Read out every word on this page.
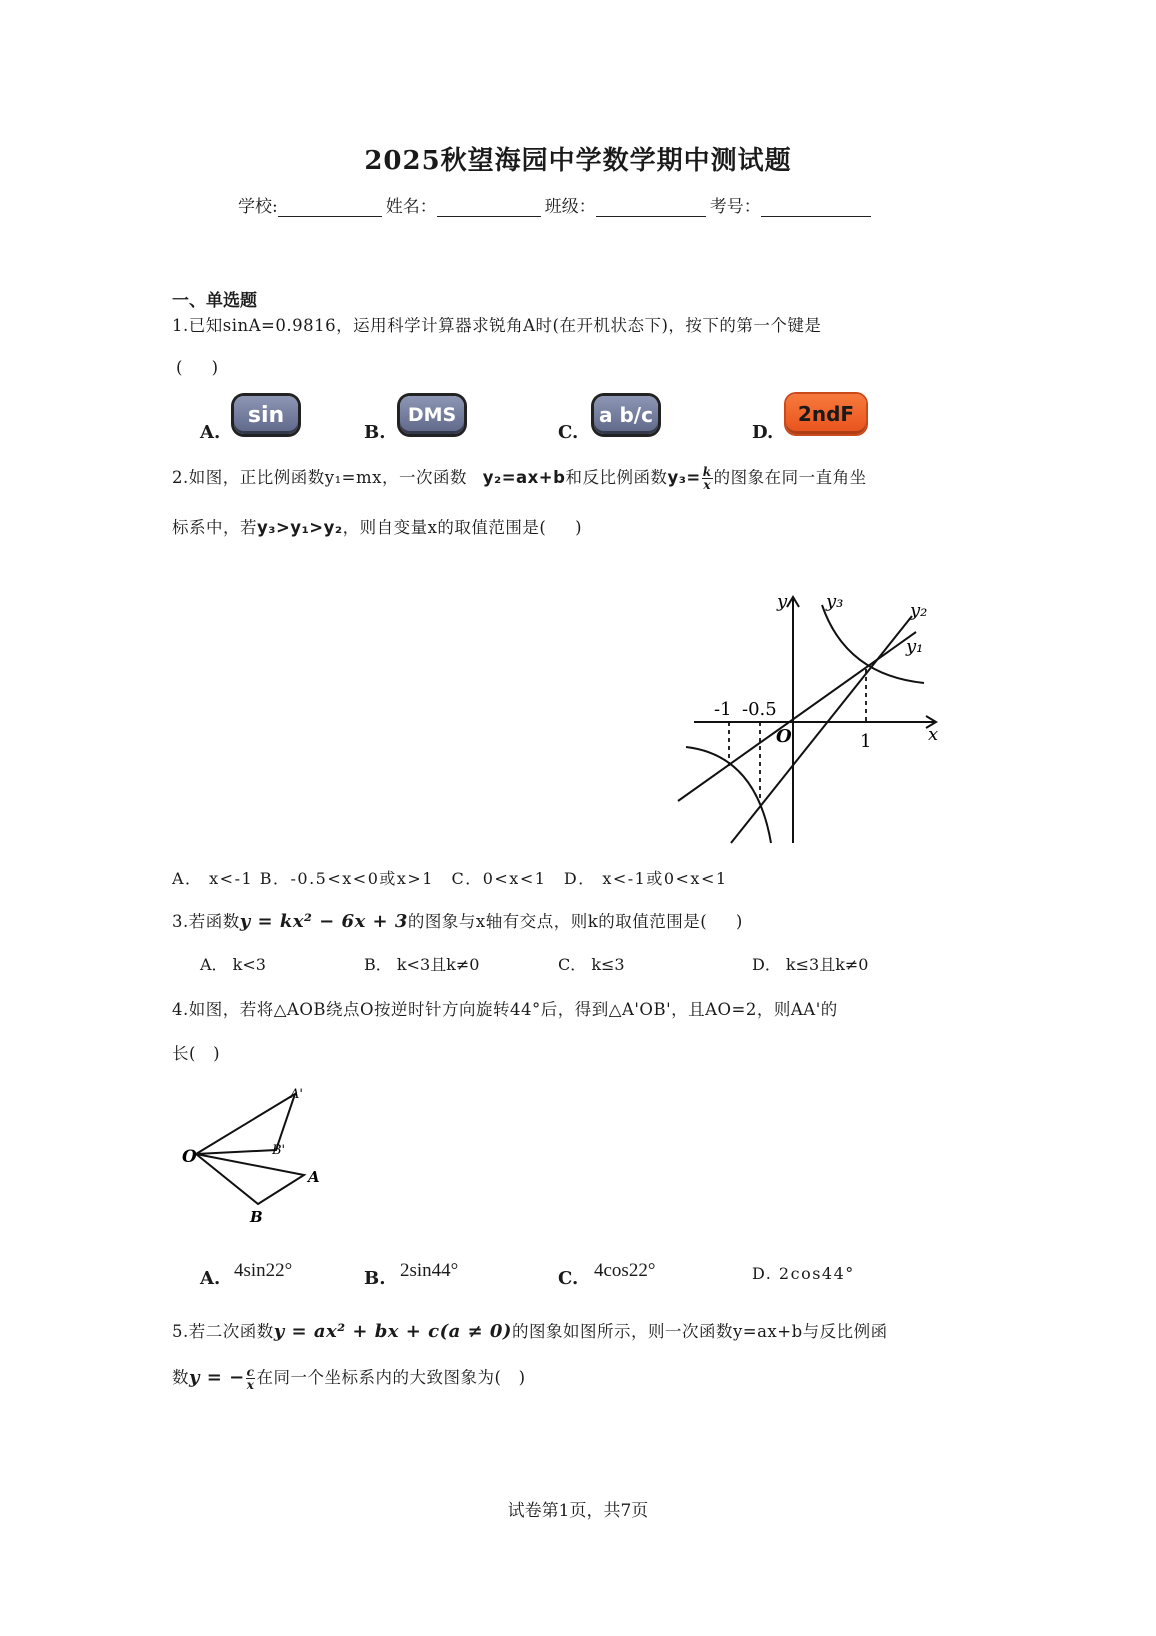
2025秋望海园中学数学期中测试题
学校:	姓名：	班级：	考号：
一、单选题
1.已知sinA=0.9816，运用科学计算器求锐角A时(在开机状态下)，按下的第一个键是
(     )
A.
sin
B.
DMS
C.
a b/c
D.
2ndF
2.如图，正比例函数y₁=mx，一次函数 y₂=ax+b和反比例函数$y_3= \frac{k}{x}$ 的图象在同一直角坐
标系中，若y₃>y₁>y₂，则自变量x的取值范围是(     )
y
x
O
-1 -0.5
1
y₁
y₂
y₃
A． x<-1 B．-0.5<x<0或x>1　C．0<x<1　D． x<-1或0<x<1
3.若函数y = kx² − 6x + 3的图象与x轴有交点，则k的取值范围是(     )
A． k<3	B． k<3且k≠0	C． k≤3	D． k≤3且k≠0
4.如图，若将△AOB绕点O按逆时针方向旋转44°后，得到△A'OB'，且AO=2，则AA'的
长(   )
O
A
B
A'
B'
A. 4sin22°	B. 2sin44°	C. 4cos22°	D. 2cos44°
5.若二次函数y = ax² + bx + c(a ≠ 0)的图象如图所示，则一次函数y=ax+b与反比例函
数y = − $\frac{c}{x}$ 在同一个坐标系内的大致图象为(   )
试卷第1页，共7页
